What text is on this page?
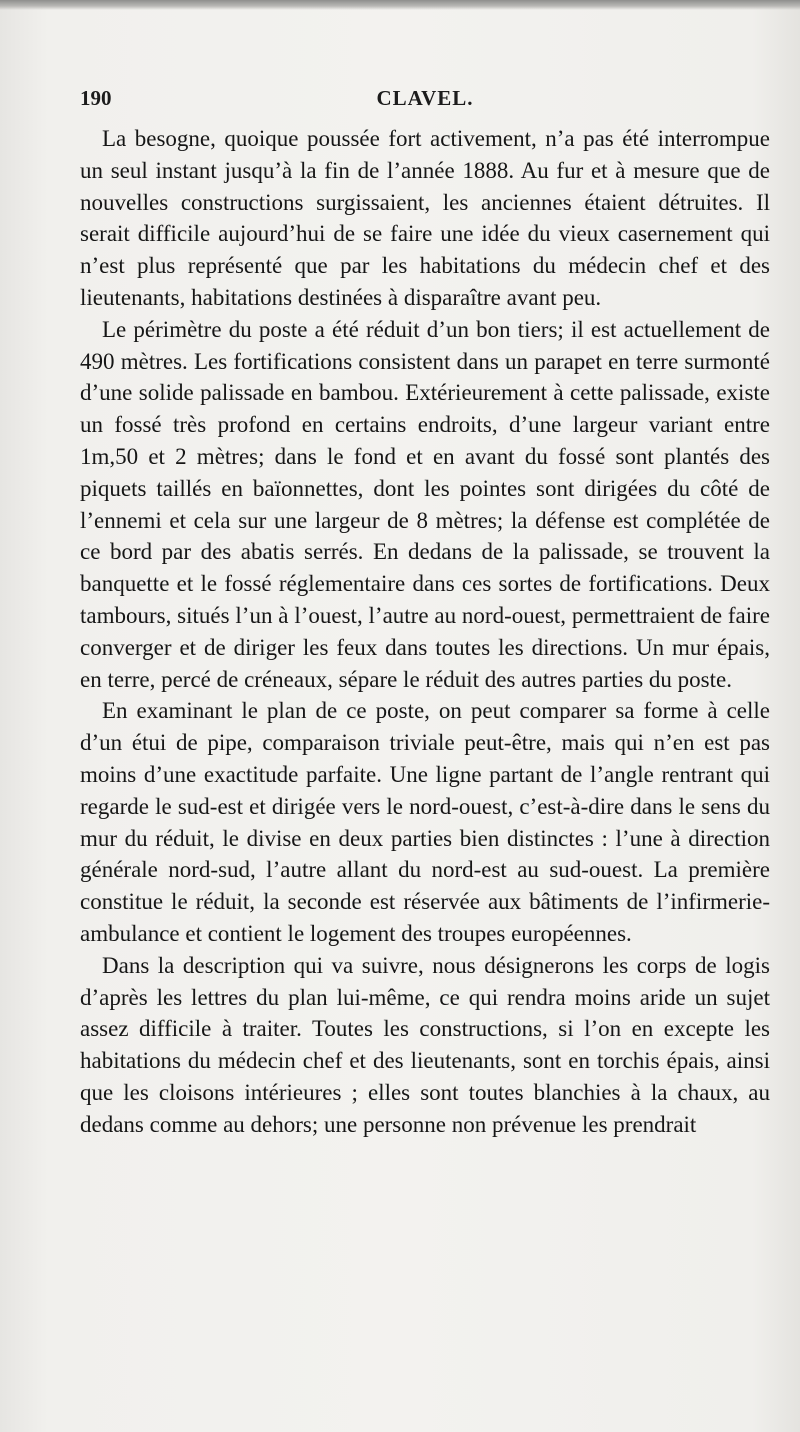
190	CLAVEL.

La besogne, quoique poussée fort activement, n’a pas été interrompue un seul instant jusqu’à la fin de l’année 1888. Au fur et à mesure que de nouvelles constructions surgissaient, les anciennes étaient détruites. Il serait difficile aujourd’hui de se faire une idée du vieux casernement qui n’est plus représenté que par les habitations du médecin chef et des lieutenants, habitations destinées à disparaître avant peu.

Le périmètre du poste a été réduit d’un bon tiers; il est actuellement de 490 mètres. Les fortifications consistent dans un parapet en terre surmonté d’une solide palissade en bambou. Extérieurement à cette palissade, existe un fossé très profond en certains endroits, d’une largeur variant entre 1m,50 et 2 mètres; dans le fond et en avant du fossé sont plantés des piquets taillés en baïonnettes, dont les pointes sont dirigées du côté de l’ennemi et cela sur une largeur de 8 mètres; la défense est complétée de ce bord par des abatis serrés. En dedans de la palissade, se trouvent la banquette et le fossé réglementaire dans ces sortes de fortifications. Deux tambours, situés l’un à l’ouest, l’autre au nord-ouest, permettraient de faire converger et de diriger les feux dans toutes les directions. Un mur épais, en terre, percé de créneaux, sépare le réduit des autres parties du poste.

En examinant le plan de ce poste, on peut comparer sa forme à celle d’un étui de pipe, comparaison triviale peut-être, mais qui n’en est pas moins d’une exactitude parfaite. Une ligne partant de l’angle rentrant qui regarde le sud-est et dirigée vers le nord-ouest, c’est-à-dire dans le sens du mur du réduit, le divise en deux parties bien distinctes : l’une à direction générale nord-sud, l’autre allant du nord-est au sud-ouest. La première constitue le réduit, la seconde est réservée aux bâtiments de l’infirmerie-ambulance et contient le logement des troupes européennes.

Dans la description qui va suivre, nous désignerons les corps de logis d’après les lettres du plan lui-même, ce qui rendra moins aride un sujet assez difficile à traiter. Toutes les constructions, si l’on en excepte les habitations du médecin chef et des lieutenants, sont en torchis épais, ainsi que les cloisons intérieures ; elles sont toutes blanchies à la chaux, au dedans comme au dehors; une personne non prévenue les prendrait
